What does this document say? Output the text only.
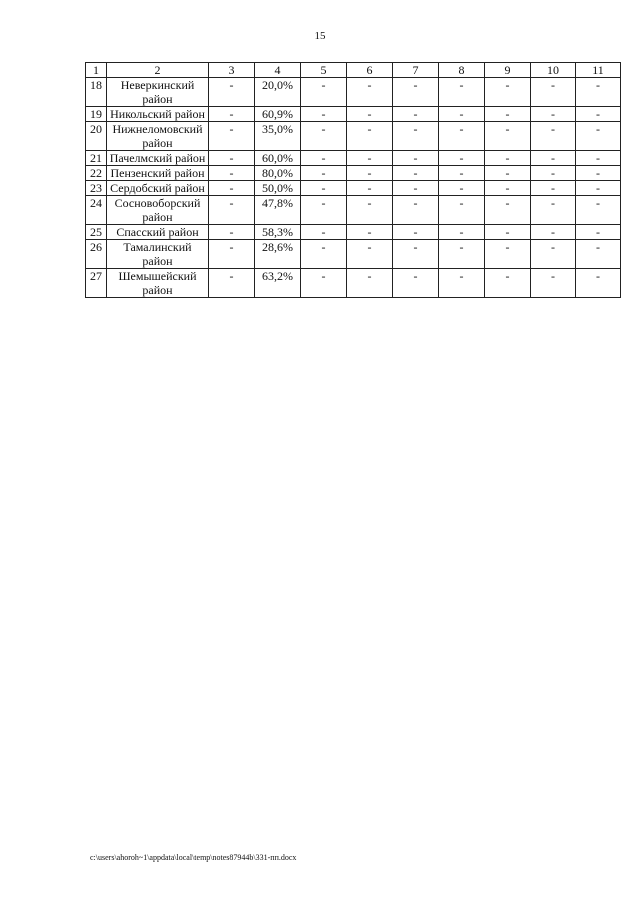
15
1	2	3	4	5	6	7	8	9	10	11
18	Неверкинский район	-	20,0%	-	-	-	-	-	-	-
19	Никольский район	-	60,9%	-	-	-	-	-	-	-
20	Нижнеломовский район	-	35,0%	-	-	-	-	-	-	-
21	Пачелмский район	-	60,0%	-	-	-	-	-	-	-
22	Пензенский район	-	80,0%	-	-	-	-	-	-	-
23	Сердобский район	-	50,0%	-	-	-	-	-	-	-
24	Сосновоборский район	-	47,8%	-	-	-	-	-	-	-
25	Спасский район	-	58,3%	-	-	-	-	-	-	-
26	Тамалинский район	-	28,6%	-	-	-	-	-	-	-
27	Шемышейский район	-	63,2%	-	-	-	-	-	-	-
c:\users\ahoroh~1\appdata\local\temp\notes87944b\331-пп.docx
